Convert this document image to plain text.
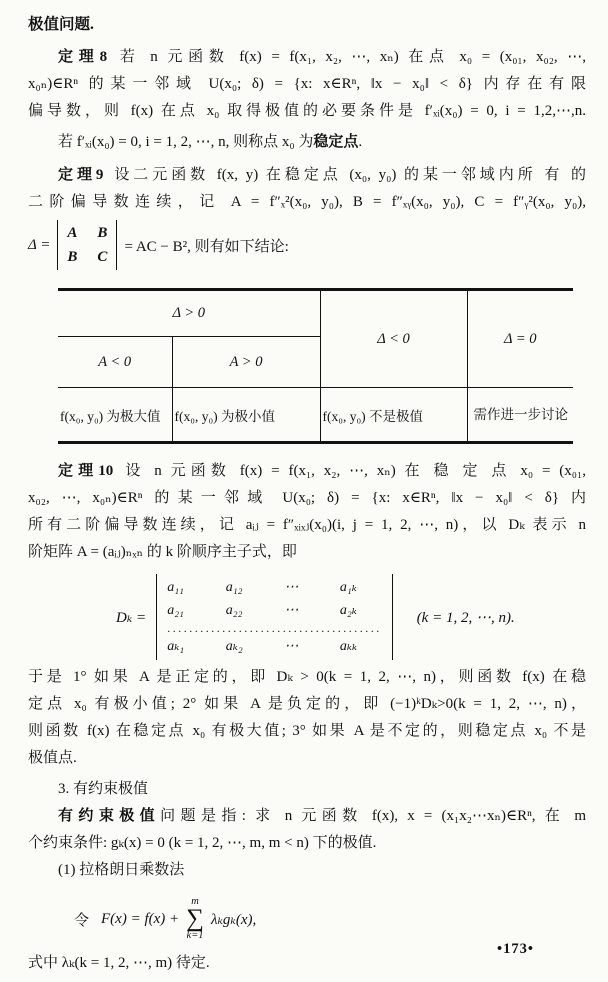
极值问题.
定理8 若 n 元函数 f(x) = f(x₁, x₂, ⋯, xₙ) 在点 x₀ = (x₀₁, x₀₂, ⋯,
x₀ₙ)∈Rⁿ 的某一邻域 U(x₀; δ) = {x: x∈Rⁿ, ‖x − x₀‖ < δ} 内存在有限
偏导数，则 f(x) 在点 x₀ 取得极值的必要条件是 f′ₓᵢ(x₀) = 0, i = 1,2,⋯,n.
若 f′ₓᵢ(x₀) = 0, i = 1, 2, ⋯, n, 则称点 x₀ 为稳定点.
定理9 设二元函数 f(x, y) 在稳定点 (x₀, y₀) 的某一邻域内所 有 的
二阶偏导数连续，记 A = f″ₓ²(x₀, y₀), B = f″ₓᵧ(x₀, y₀), C = f″ᵧ²(x₀, y₀),
Δ =
A B
B C
= AC − B², 则有如下结论:
Δ > 0		Δ < 0	Δ = 0
A < 0	A > 0		
f(x₀, y₀) 为极大值	f(x₀, y₀) 为极小值	f(x₀, y₀) 不是极值	需作进一步讨论
定理10 设 n 元函数 f(x) = f(x₁, x₂, ⋯, xₙ) 在 稳 定 点 x₀ = (x₀₁,
x₀₂, ⋯, x₀ₙ)∈Rⁿ 的某一邻域 U(x₀; δ) = {x: x∈Rⁿ, ‖x − x₀‖ < δ} 内
所有二阶偏导数连续，记 aᵢⱼ = f″ₓᵢₓⱼ(x₀)(i, j = 1, 2, ⋯, n)，以 Dₖ 表示 n
阶矩阵 A = (aᵢⱼ)ₙₓₙ 的 k 阶顺序主子式，即
Dₖ =
a₁₁	a₁₂	⋯	a₁ₖ
a₂₁	a₂₂	⋯	a₂ₖ
.......................................
aₖ₁	aₖ₂	⋯	aₖₖ
(k = 1, 2, ⋯, n).
于是 1° 如果 A 是正定的，即 Dₖ > 0(k = 1, 2, ⋯, n)，则函数 f(x) 在稳
定点 x₀ 有极小值; 2° 如果 A 是负定的，即 (−1)ᵏDₖ>0(k = 1, 2, ⋯, n)，
则函数 f(x) 在稳定点 x₀ 有极大值; 3° 如果 A 是不定的，则稳定点 x₀ 不是
极值点.
3. 有约束极值
有约束极值问题是指: 求 n 元函数 f(x), x = (x₁x₂⋯xₙ)∈Rⁿ, 在 m
个约束条件: gₖ(x) = 0 (k = 1, 2, ⋯, m, m < n) 下的极值.
(1) 拉格朗日乘数法
令 F(x) = f(x) +
m
∑
k=1
λₖgₖ(x),
式中 λₖ(k = 1, 2, ⋯, m) 待定.
•173•
